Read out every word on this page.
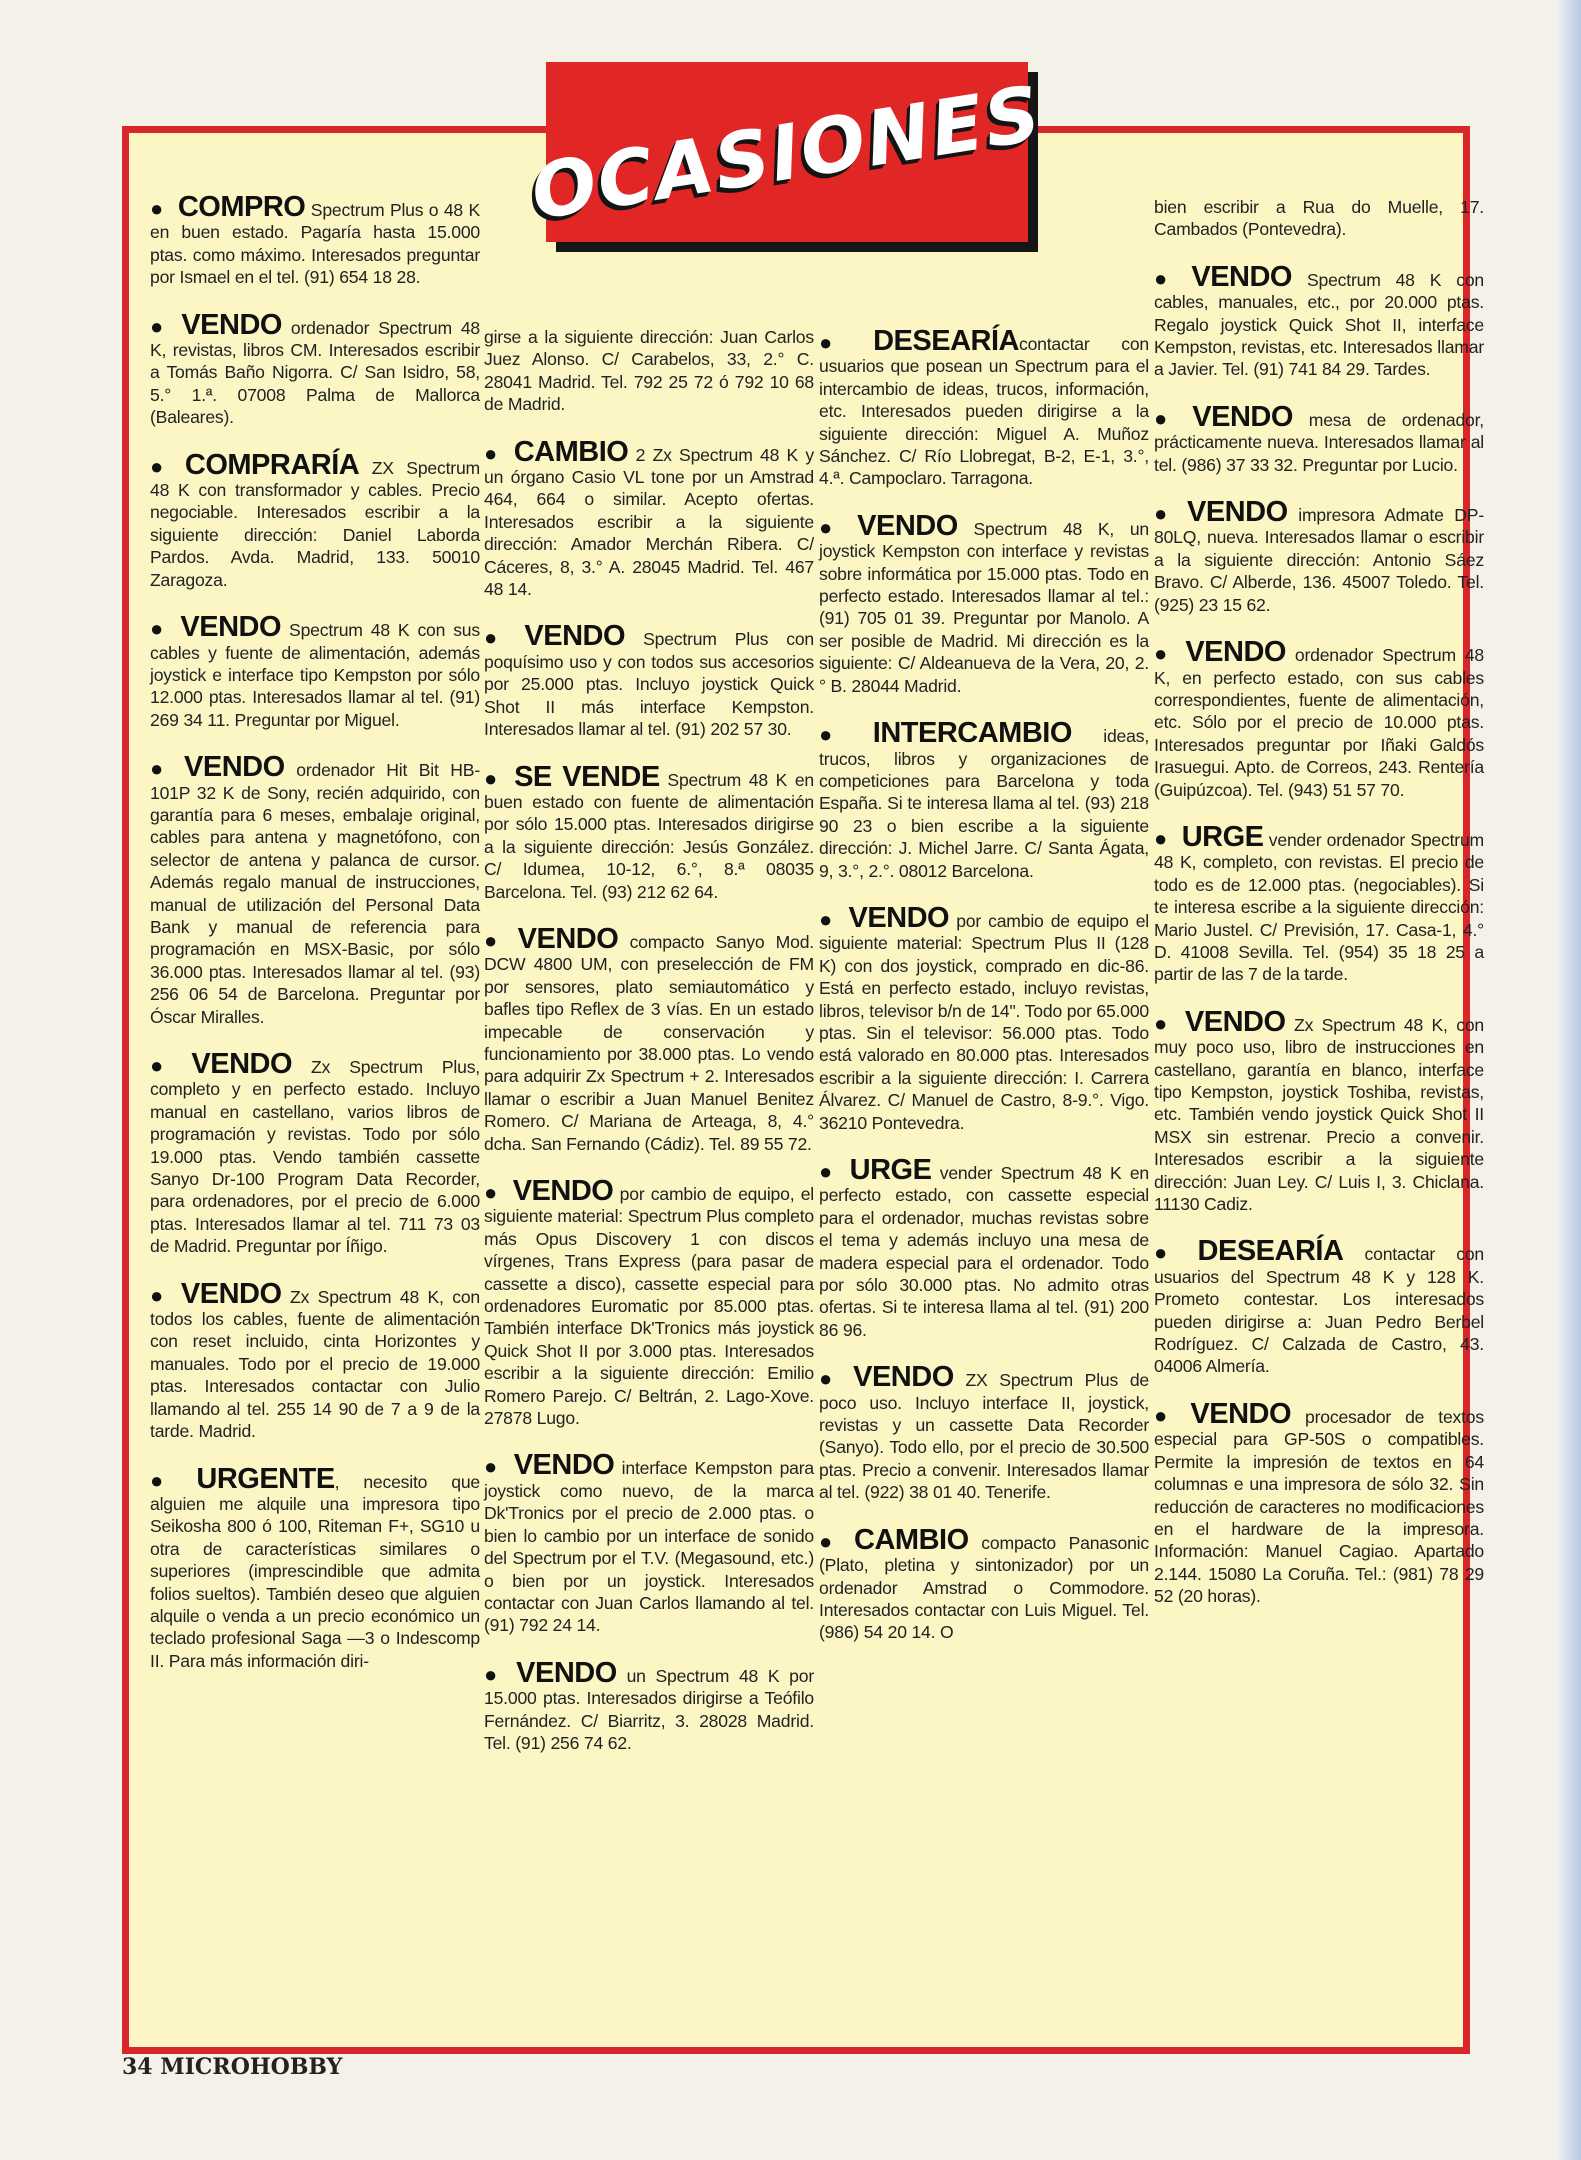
OCASIONES

● COMPRO Spectrum Plus o 48 K en buen estado. Pagaría hasta 15.000 ptas. como máximo. Interesados preguntar por Ismael en el tel. (91) 654 18 28.

● VENDO ordenador Spectrum 48 K, revistas, libros CM. Interesados escribir a Tomás Baño Nigorra. C/ San Isidro, 58, 5.° 1.ª. 07008 Palma de Mallorca (Baleares).

● COMPRARÍA ZX Spectrum 48 K con transformador y cables. Precio negociable. Interesados escribir a la siguiente dirección: Daniel Laborda Pardos. Avda. Madrid, 133. 50010 Zaragoza.

● VENDO Spectrum 48 K con sus cables y fuente de alimentación, además joystick e interface tipo Kempston por sólo 12.000 ptas. Interesados llamar al tel. (91) 269 34 11. Preguntar por Miguel.

● VENDO ordenador Hit Bit HB-101P 32 K de Sony, recién adquirido, con garantía para 6 meses, embalaje original, cables para antena y magnetófono, con selector de antena y palanca de cursor. Además regalo manual de instrucciones, manual de utilización del Personal Data Bank y manual de referencia para programación en MSX-Basic, por sólo 36.000 ptas. Interesados llamar al tel. (93) 256 06 54 de Barcelona. Preguntar por Óscar Miralles.

● VENDO Zx Spectrum Plus, completo y en perfecto estado. Incluyo manual en castellano, varios libros de programación y revistas. Todo por sólo 19.000 ptas. Vendo también cassette Sanyo Dr-100 Program Data Recorder, para ordenadores, por el precio de 6.000 ptas. Interesados llamar al tel. 711 73 03 de Madrid. Preguntar por Íñigo.

● VENDO Zx Spectrum 48 K, con todos los cables, fuente de alimentación con reset incluido, cinta Horizontes y manuales. Todo por el precio de 19.000 ptas. Interesados contactar con Julio llamando al tel. 255 14 90 de 7 a 9 de la tarde. Madrid.

● URGENTE, necesito que alguien me alquile una impresora tipo Seikosha 800 ó 100, Riteman F+, SG10 u otra de características similares o superiores (imprescindible que admita folios sueltos). También deseo que alguien alquile o venda a un precio económico un teclado profesional Saga —3 o Indescomp II. Para más información diri-

girse a la siguiente dirección: Juan Carlos Juez Alonso. C/ Carabelos, 33, 2.° C. 28041 Madrid. Tel. 792 25 72 ó 792 10 68 de Madrid.

● CAMBIO 2 Zx Spectrum 48 K y un órgano Casio VL tone por un Amstrad 464, 664 o similar. Acepto ofertas. Interesados escribir a la siguiente dirección: Amador Merchán Ribera. C/ Cáceres, 8, 3.° A. 28045 Madrid. Tel. 467 48 14.

● VENDO Spectrum Plus con poquísimo uso y con todos sus accesorios por 25.000 ptas. Incluyo joystick Quick Shot II más interface Kempston. Interesados llamar al tel. (91) 202 57 30.

● SE VENDE Spectrum 48 K en buen estado con fuente de alimentación por sólo 15.000 ptas. Interesados dirigirse a la siguiente dirección: Jesús González. C/ Idumea, 10-12, 6.°, 8.ª 08035 Barcelona. Tel. (93) 212 62 64.

● VENDO compacto Sanyo Mod. DCW 4800 UM, con preselección de FM por sensores, plato semiautomático y bafles tipo Reflex de 3 vías. En un estado impecable de conservación y funcionamiento por 38.000 ptas. Lo vendo para adquirir Zx Spectrum + 2. Interesados llamar o escribir a Juan Manuel Benitez Romero. C/ Mariana de Arteaga, 8, 4.° dcha. San Fernando (Cádiz). Tel. 89 55 72.

● VENDO por cambio de equipo, el siguiente material: Spectrum Plus completo más Opus Discovery 1 con discos vírgenes, Trans Express (para pasar de cassette a disco), cassette especial para ordenadores Euromatic por 85.000 ptas. También interface Dk'Tronics más joystick Quick Shot II por 3.000 ptas. Interesados escribir a la siguiente dirección: Emilio Romero Parejo. C/ Beltrán, 2. Lago-Xove. 27878 Lugo.

● VENDO interface Kempston para joystick como nuevo, de la marca Dk'Tronics por el precio de 2.000 ptas. o bien lo cambio por un interface de sonido del Spectrum por el T.V. (Megasound, etc.) o bien por un joystick. Interesados contactar con Juan Carlos llamando al tel. (91) 792 24 14.

● VENDO un Spectrum 48 K por 15.000 ptas. Interesados dirigirse a Teófilo Fernández. C/ Biarritz, 3. 28028 Madrid. Tel. (91) 256 74 62.

● DESEARÍAcontactar con usuarios que posean un Spectrum para el intercambio de ideas, trucos, información, etc. Interesados pueden dirigirse a la siguiente dirección: Miguel A. Muñoz Sánchez. C/ Río Llobregat, B-2, E-1, 3.°, 4.ª. Campoclaro. Tarragona.

● VENDO Spectrum 48 K, un joystick Kempston con interface y revistas sobre informática por 15.000 ptas. Todo en perfecto estado. Interesados llamar al tel.: (91) 705 01 39. Preguntar por Manolo. A ser posible de Madrid. Mi dirección es la siguiente: C/ Aldeanueva de la Vera, 20, 2.° B. 28044 Madrid.

● INTERCAMBIO ideas, trucos, libros y organizaciones de competiciones para Barcelona y toda España. Si te interesa llama al tel. (93) 218 90 23 o bien escribe a la siguiente dirección: J. Michel Jarre. C/ Santa Ágata, 9, 3.°, 2.°. 08012 Barcelona.

● VENDO por cambio de equipo el siguiente material: Spectrum Plus II (128 K) con dos joystick, comprado en dic-86. Está en perfecto estado, incluyo revistas, libros, televisor b/n de 14". Todo por 65.000 ptas. Sin el televisor: 56.000 ptas. Todo está valorado en 80.000 ptas. Interesados escribir a la siguiente dirección: I. Carrera Álvarez. C/ Manuel de Castro, 8-9.°. Vigo. 36210 Pontevedra.

● URGE vender Spectrum 48 K en perfecto estado, con cassette especial para el ordenador, muchas revistas sobre el tema y además incluyo una mesa de madera especial para el ordenador. Todo por sólo 30.000 ptas. No admito otras ofertas. Si te interesa llama al tel. (91) 200 86 96.

● VENDO ZX Spectrum Plus de poco uso. Incluyo interface II, joystick, revistas y un cassette Data Recorder (Sanyo). Todo ello, por el precio de 30.500 ptas. Precio a convenir. Interesados llamar al tel. (922) 38 01 40. Tenerife.

● CAMBIO compacto Panasonic (Plato, pletina y sintonizador) por un ordenador Amstrad o Commodore. Interesados contactar con Luis Miguel. Tel. (986) 54 20 14. O

bien escribir a Rua do Muelle, 17. Cambados (Pontevedra).

● VENDO Spectrum 48 K con cables, manuales, etc., por 20.000 ptas. Regalo joystick Quick Shot II, interface Kempston, revistas, etc. Interesados llamar a Javier. Tel. (91) 741 84 29. Tardes.

● VENDO mesa de ordenador, prácticamente nueva. Interesados llamar al tel. (986) 37 33 32. Preguntar por Lucio.

● VENDO impresora Admate DP-80LQ, nueva. Interesados llamar o escribir a la siguiente dirección: Antonio Sáez Bravo. C/ Alberde, 136. 45007 Toledo. Tel. (925) 23 15 62.

● VENDO ordenador Spectrum 48 K, en perfecto estado, con sus cables correspondientes, fuente de alimentación, etc. Sólo por el precio de 10.000 ptas. Interesados preguntar por Iñaki Galdós Irasuegui. Apto. de Correos, 243. Rentería (Guipúzcoa). Tel. (943) 51 57 70.

● URGE vender ordenador Spectrum 48 K, completo, con revistas. El precio de todo es de 12.000 ptas. (negociables). Si te interesa escribe a la siguiente dirección: Mario Justel. C/ Previsión, 17. Casa-1, 4.° D. 41008 Sevilla. Tel. (954) 35 18 25 a partir de las 7 de la tarde.

● VENDO Zx Spectrum 48 K, con muy poco uso, libro de instrucciones en castellano, garantía en blanco, interface tipo Kempston, joystick Toshiba, revistas, etc. También vendo joystick Quick Shot II MSX sin estrenar. Precio a convenir. Interesados escribir a la siguiente dirección: Juan Ley. C/ Luis I, 3. Chiclana. 11130 Cadiz.

● DESEARÍA contactar con usuarios del Spectrum 48 K y 128 K. Prometo contestar. Los interesados pueden dirigirse a: Juan Pedro Berbel Rodríguez. C/ Calzada de Castro, 43. 04006 Almería.

● VENDO procesador de textos especial para GP-50S o compatibles. Permite la impresión de textos en 64 columnas e una impresora de sólo 32. Sin reducción de caracteres no modificaciones en el hardware de la impresora. Información: Manuel Cagiao. Apartado 2.144. 15080 La Coruña. Tel.: (981) 78 29 52 (20 horas).

34 MICROHOBBY
